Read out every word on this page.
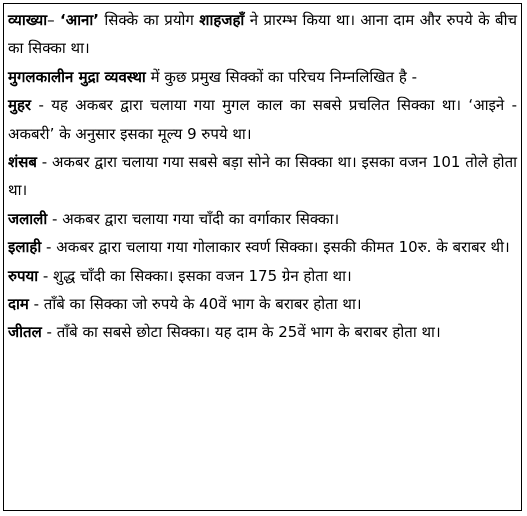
व्याख्या– ‘आना’ सिक्के का प्रयोग शाहजहाँ ने प्रारम्भ किया था। आना दाम और रुपये के बीच का सिक्का था।

मुगलकालीन मुद्रा व्यवस्था में कुछ प्रमुख सिक्कों का परिचय निम्नलिखित है -

मुहर - यह अकबर द्वारा चलाया गया मुगल काल का सबसे प्रचलित सिक्का था। ‘आइने - अकबरी’ के अनुसार इसका मूल्य 9 रुपये था।

शंसब - अकबर द्वारा चलाया गया सबसे बड़ा सोने का सिक्का था। इसका वजन 101 तोले होता था।

जलाली - अकबर द्वारा चलाया गया चाँदी का वर्गाकार सिक्का।

इलाही - अकबर द्वारा चलाया गया गोलाकार स्वर्ण सिक्का। इसकी कीमत 10रु. के बराबर थी।

रुपया - शुद्ध चाँदी का सिक्का। इसका वजन 175 ग्रेन होता था।

दाम - ताँबे का सिक्का जो रुपये के 40वें भाग के बराबर होता था।

जीतल - ताँबे का सबसे छोटा सिक्का। यह दाम के 25वें भाग के बराबर होता था।
